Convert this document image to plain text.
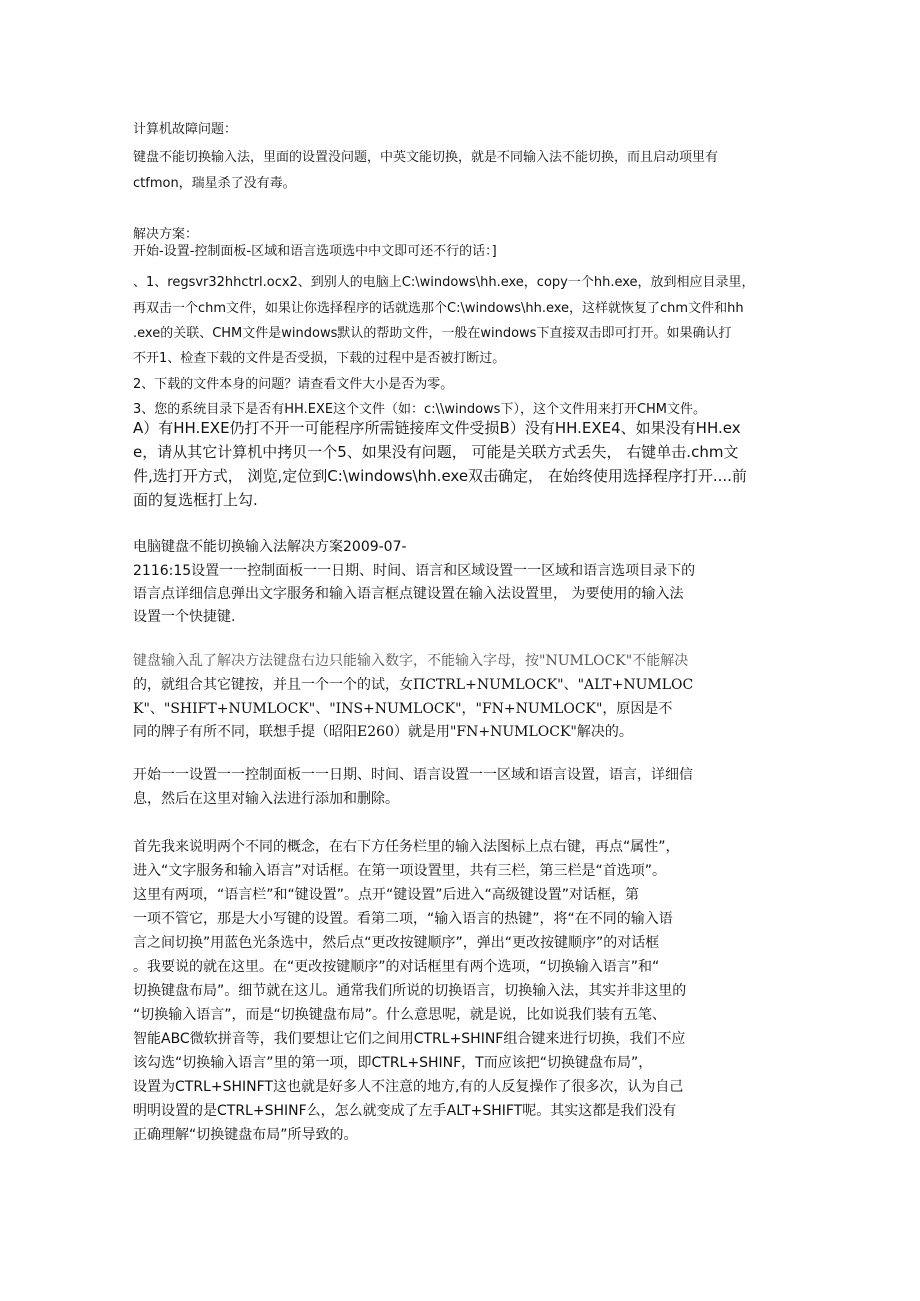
计算机故障问题：
键盘不能切换输入法，里面的设置没问题，中英文能切换，就是不同输入法不能切换，而且启动项里有
ctfmon，瑞星杀了没有毒。
解决方案：
开始-设置-控制面板-区域和语言选项选中中文即可还不行的话：]
、1、regsvr32hhctrl.ocx2、到别人的电脑上C:\windows\hh.exe，copy一个hh.exe，放到相应目录里，
再双击一个chm文件，如果让你选择程序的话就选那个C:\windows\hh.exe，这样就恢复了chm文件和hh
.exe的关联、CHM文件是windows默认的帮助文件，一般在windows下直接双击即可打开。如果确认打
不开1、检查下载的文件是否受损，下载的过程中是否被打断过。
2、下载的文件本身的问题？请查看文件大小是否为零。
3、您的系统目录下是否有HH.EXE这个文件（如：c:\\windows下），这个文件用来打开CHM文件。
A）有HH.EXE仍打不开一可能程序所需链接库文件受损B）没有HH.EXE4、如果没有HH.ex
e，请从其它计算机中拷贝一个5、如果没有问题， 可能是关联方式丢失， 右键单击.chm文
件,选打开方式， 浏览,定位到C:\windows\hh.exe双击确定， 在始终使用选择程序打开....前
面的复选框打上勾.
电脑键盘不能切换输入法解决方案2009-07-
2116:15设置一一控制面板一一日期、时间、语言和区域设置一一区域和语言选项目录下的
语言点详细信息弹出文字服务和输入语言框点键设置在输入法设置里， 为要使用的输入法
设置一个快捷键.
键盘输入乱了解决方法键盘右边只能输入数字，不能输入字母，按"NUMLOCK"不能解决
的，就组合其它键按，并且一个一个的试，女ΠCTRL+NUMLOCK"、"ALT+NUMLOC
K"、"SHIFT+NUMLOCK"、"INS+NUMLOCK"，"FN+NUMLOCK"，原因是不
同的牌子有所不同，联想手提（昭阳E260）就是用"FN+NUMLOCK"解决的。
开始一一设置一一控制面板一一日期、时间、语言设置一一区域和语言设置，语言，详细信
息，然后在这里对输入法进行添加和删除。
首先我来说明两个不同的概念，在右下方任务栏里的输入法图标上点右键，再点“属性”，
进入“文字服务和输入语言”对话框。在第一项设置里，共有三栏，第三栏是“首选项”。
这里有两项，“语言栏”和“键设置”。点开“键设置”后进入“高级键设置”对话框，第
一项不管它，那是大小写键的设置。看第二项，“输入语言的热键”，将“在不同的输入语
言之间切换”用蓝色光条选中，然后点“更改按键顺序”，弹出“更改按键顺序”的对话框
。我要说的就在这里。在“更改按键顺序”的对话框里有两个选项，“切换输入语言”和“
切换键盘布局”。细节就在这儿。通常我们所说的切换语言，切换输入法，其实并非这里的
“切换输入语言”，而是“切换键盘布局”。什么意思呢，就是说，比如说我们装有五笔、
智能ABC微软拼音等，我们要想让它们之间用CTRL+SHINF组合键来进行切换，我们不应
该勾选“切换输入语言”里的第一项，即CTRL+SHINF，T而应该把“切换键盘布局”，
设置为CTRL+SHINFT这也就是好多人不注意的地方,有的人反复操作了很多次，认为自己
明明设置的是CTRL+SHINF么，怎么就变成了左手ALT+SHIFT呢。其实这都是我们没有
正确理解“切换键盘布局”所导致的。
